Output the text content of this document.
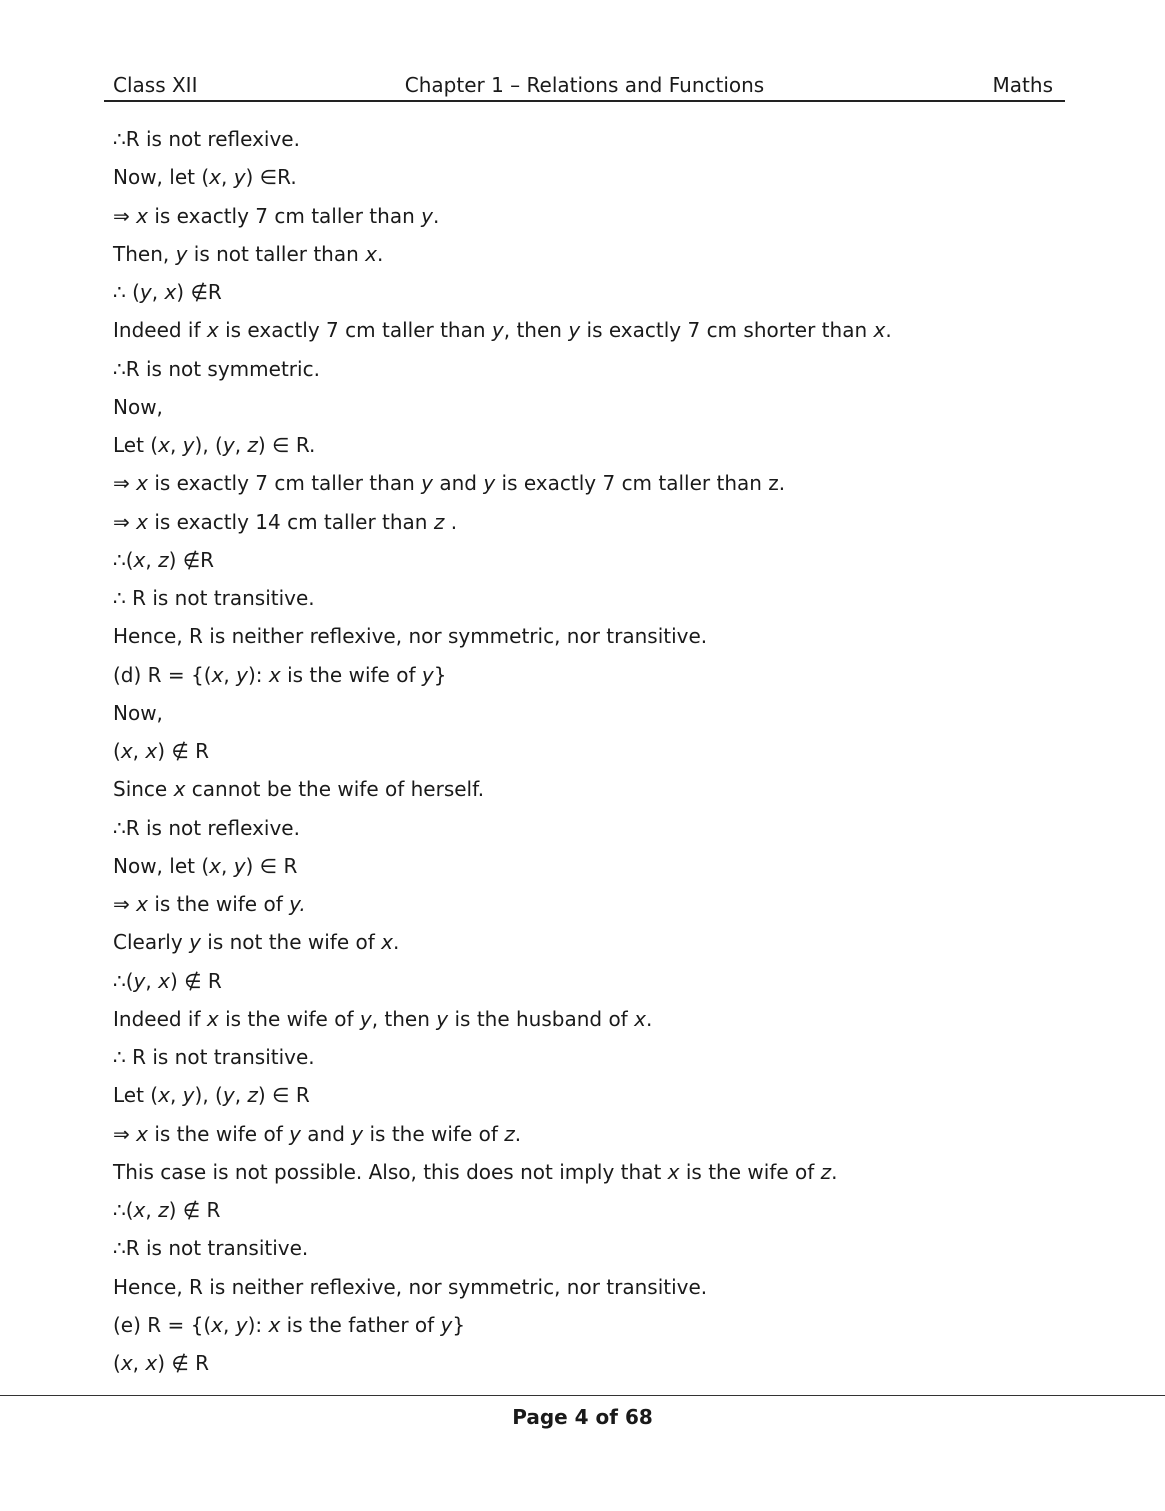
Class XII	Chapter 1 – Relations and Functions	Maths
∴R is not reflexive.
Now, let (x, y) ∈R.
⇒ x is exactly 7 cm taller than y.
Then, y is not taller than x.
∴ (y, x) ∉R
Indeed if x is exactly 7 cm taller than y, then y is exactly 7 cm shorter than x.
∴R is not symmetric.
Now,
Let (x, y), (y, z) ∈ R.
⇒ x is exactly 7 cm taller than y and y is exactly 7 cm taller than z.
⇒ x is exactly 14 cm taller than z .
∴(x, z) ∉R
∴ R is not transitive.
Hence, R is neither reflexive, nor symmetric, nor transitive.
(d) R = {(x, y): x is the wife of y}
Now,
(x, x) ∉ R
Since x cannot be the wife of herself.
∴R is not reflexive.
Now, let (x, y) ∈ R
⇒ x is the wife of y.
Clearly y is not the wife of x.
∴(y, x) ∉ R
Indeed if x is the wife of y, then y is the husband of x.
∴ R is not transitive.
Let (x, y), (y, z) ∈ R
⇒ x is the wife of y and y is the wife of z.
This case is not possible. Also, this does not imply that x is the wife of z.
∴(x, z) ∉ R
∴R is not transitive.
Hence, R is neither reflexive, nor symmetric, nor transitive.
(e) R = {(x, y): x is the father of y}
(x, x) ∉ R
Page 4 of 68
